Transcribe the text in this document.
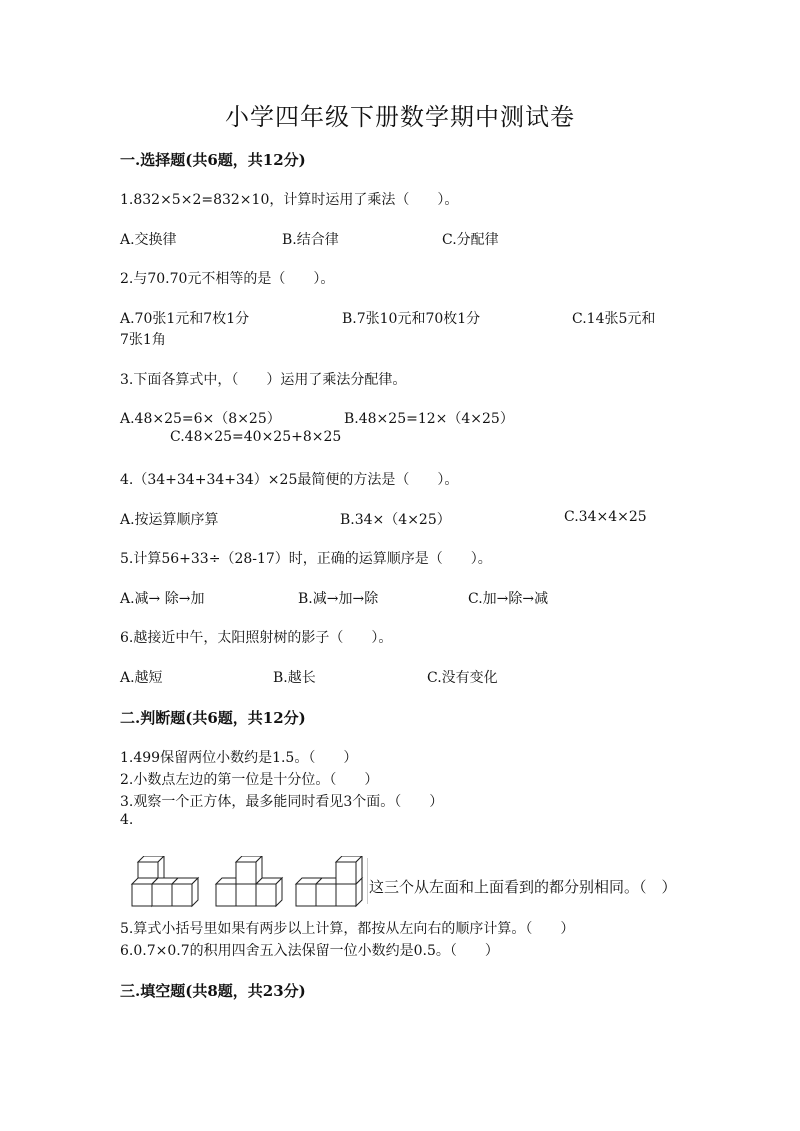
小学四年级下册数学期中测试卷
一.选择题(共6题，共12分)
1.832×5×2=832×10，计算时运用了乘法（　　）。
A.交换律	B.结合律	C.分配律
2.与70.70元不相等的是（　　）。
A.70张1元和7枚1分	B.7张10元和70枚1分	C.14张5元和
7张1角
3.下面各算式中，（　　）运用了乘法分配律。
A.48×25=6×（8×25）	B.48×25=12×（4×25）
C.48×25=40×25+8×25
4.（34+34+34+34）×25最简便的方法是（　　）。
A.按运算顺序算	B.34×（4×25）	C.34×4×25
5.计算56+33÷（28-17）时，正确的运算顺序是（　　）。
A.减→ 除→加	B.减→加→除	C.加→除→减
6.越接近中午，太阳照射树的影子（　　）。
A.越短	B.越长	C.没有变化
二.判断题(共6题，共12分)
1.499保留两位小数约是1.5。（　　）
2.小数点左边的第一位是十分位。（　　）
3.观察一个正方体，最多能同时看见3个面。（　　）
4.
这三个从左面和上面看到的都分别相同。（　）
5.算式小括号里如果有两步以上计算，都按从左向右的顺序计算。（　　）
6.0.7×0.7的积用四舍五入法保留一位小数约是0.5。（　　）
三.填空题(共8题，共23分)
